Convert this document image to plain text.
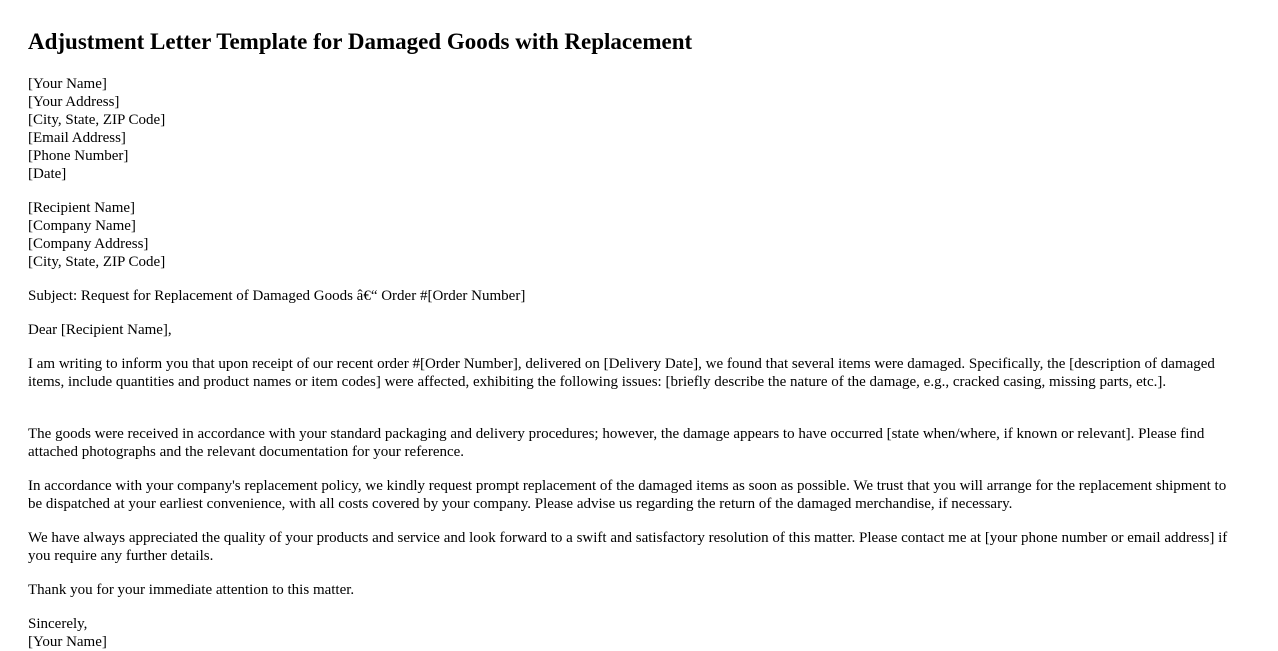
Adjustment Letter Template for Damaged Goods with Replacement
[Your Name]
[Your Address]
[City, State, ZIP Code]
[Email Address]
[Phone Number]
[Date]
[Recipient Name]
[Company Name]
[Company Address]
[City, State, ZIP Code]

Subject: Request for Replacement of Damaged Goods â€“ Order #[Order Number]

Dear [Recipient Name],

I am writing to inform you that upon receipt of our recent order #[Order Number], delivered on [Delivery Date], we found that several items were damaged. Specifically, the [description of damaged items, include quantities and product names or item codes] were affected, exhibiting the following issues: [briefly describe the nature of the damage, e.g., cracked casing, missing parts, etc.].

The goods were received in accordance with your standard packaging and delivery procedures; however, the damage appears to have occurred [state when/where, if known or relevant]. Please find attached photographs and the relevant documentation for your reference.

In accordance with your company's replacement policy, we kindly request prompt replacement of the damaged items as soon as possible. We trust that you will arrange for the replacement shipment to be dispatched at your earliest convenience, with all costs covered by your company. Please advise us regarding the return of the damaged merchandise, if necessary.

We have always appreciated the quality of your products and service and look forward to a swift and satisfactory resolution of this matter. Please contact me at [your phone number or email address] if you require any further details.

Thank you for your immediate attention to this matter.

Sincerely,
[Your Name]
